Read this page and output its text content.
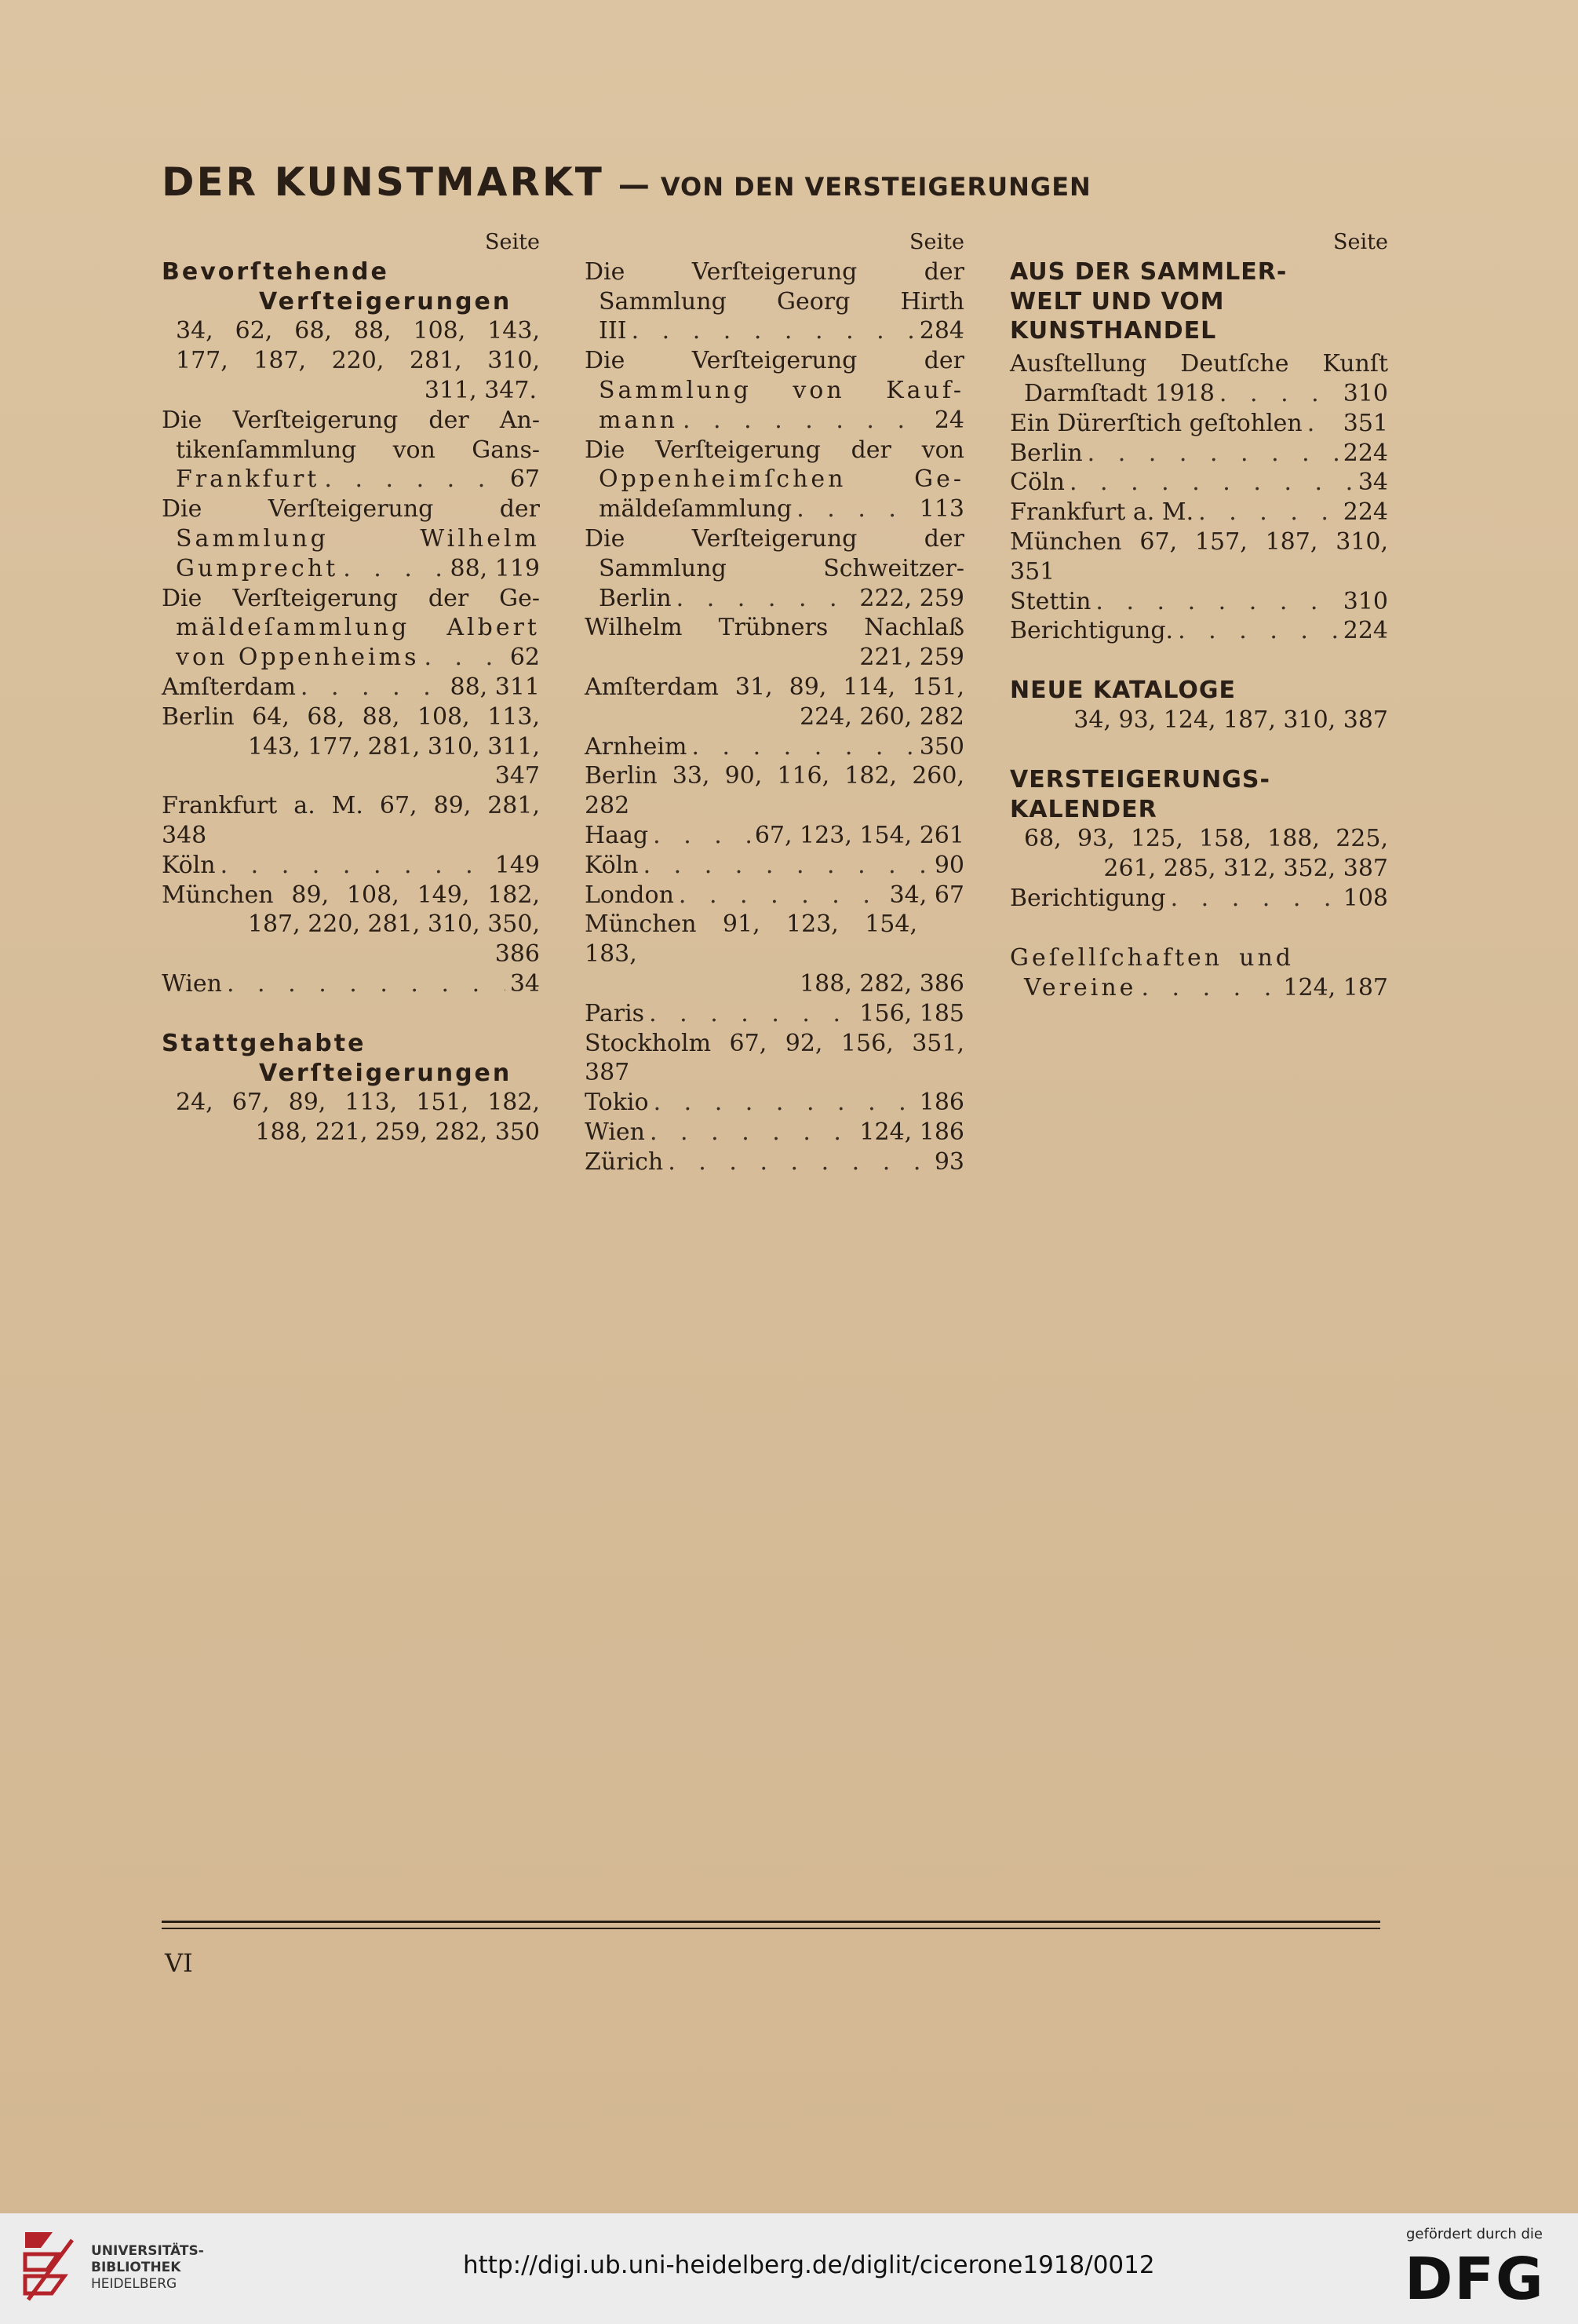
DER KUNSTMARKT — VON DEN VERSTEIGERUNGEN
Seite
Bevorſtehende
Verſteigerungen
34, 62, 68, 88, 108, 143,
177, 187, 220, 281, 310,
311, 347.
Die Verſteigerung der An-
tikenſammlung von Gans-
Frankfurt . . .	67
Die Verſteigerung der
Sammlung Wilhelm
Gumprecht . . .	88, 119
Die Verſteigerung der Ge-
mäldeſammlung Albert
von Oppenheims . . .	62
Amſterdam . . .	88, 311
Berlin 64, 68, 88, 108, 113,
143, 177, 281, 310, 311, 347
Frankfurt a. M. 67, 89, 281, 348
Köln . . .	149
München 89, 108, 149, 182,
187, 220, 281, 310, 350, 386
Wien . . .	34
Stattgehabte
Verſteigerungen
24, 67, 89, 113, 151, 182,
188, 221, 259, 282, 350
Seite
Die Verſteigerung der
Sammlung Georg Hirth
III . . .	284
Die Verſteigerung der
Sammlung von Kauf-
mann . . .	24
Die Verſteigerung der von
Oppenheimſchen Ge-
mäldeſammlung . . .	113
Die Verſteigerung der
Sammlung Schweitzer-
Berlin . . .	222, 259
Wilhelm Trübners Nachlaß
221, 259
Amſterdam 31, 89, 114, 151,
224, 260, 282
Arnheim . . .	350
Berlin 33, 90, 116, 182, 260, 282
Haag . . .	67, 123, 154, 261
Köln . . .	90
London . . .	34, 67
München 91, 123, 154, 183,
188, 282, 386
Paris . . .	156, 185
Stockholm 67, 92, 156, 351, 387
Tokio . . .	186
Wien . . .	124, 186
Zürich . . .	93
Seite
AUS DER SAMMLER-
WELT UND VOM
KUNSTHANDEL
Ausſtellung Deutſche Kunſt
Darmſtadt 1918 . . .	310
Ein Dürerſtich geſtohlen . . . 351
Berlin . . .	224
Cöln . . .	34
Frankfurt a. M. . . .	224
München 67, 157, 187, 310, 351
Stettin . . .	310
Berichtigung. . . .	224
NEUE KATALOGE
34, 93, 124, 187, 310, 387
VERSTEIGERUNGS-
KALENDER
68, 93, 125, 158, 188, 225,
261, 285, 312, 352, 387
Berichtigung . . .	108
Geſellſchaften und
Vereine . . .	124, 187
VI
UNIVERSITÄTS-
BIBLIOTHEK
HEIDELBERG
http://digi.ub.uni-heidelberg.de/diglit/cicerone1918/0012
gefördert durch die
DFG
